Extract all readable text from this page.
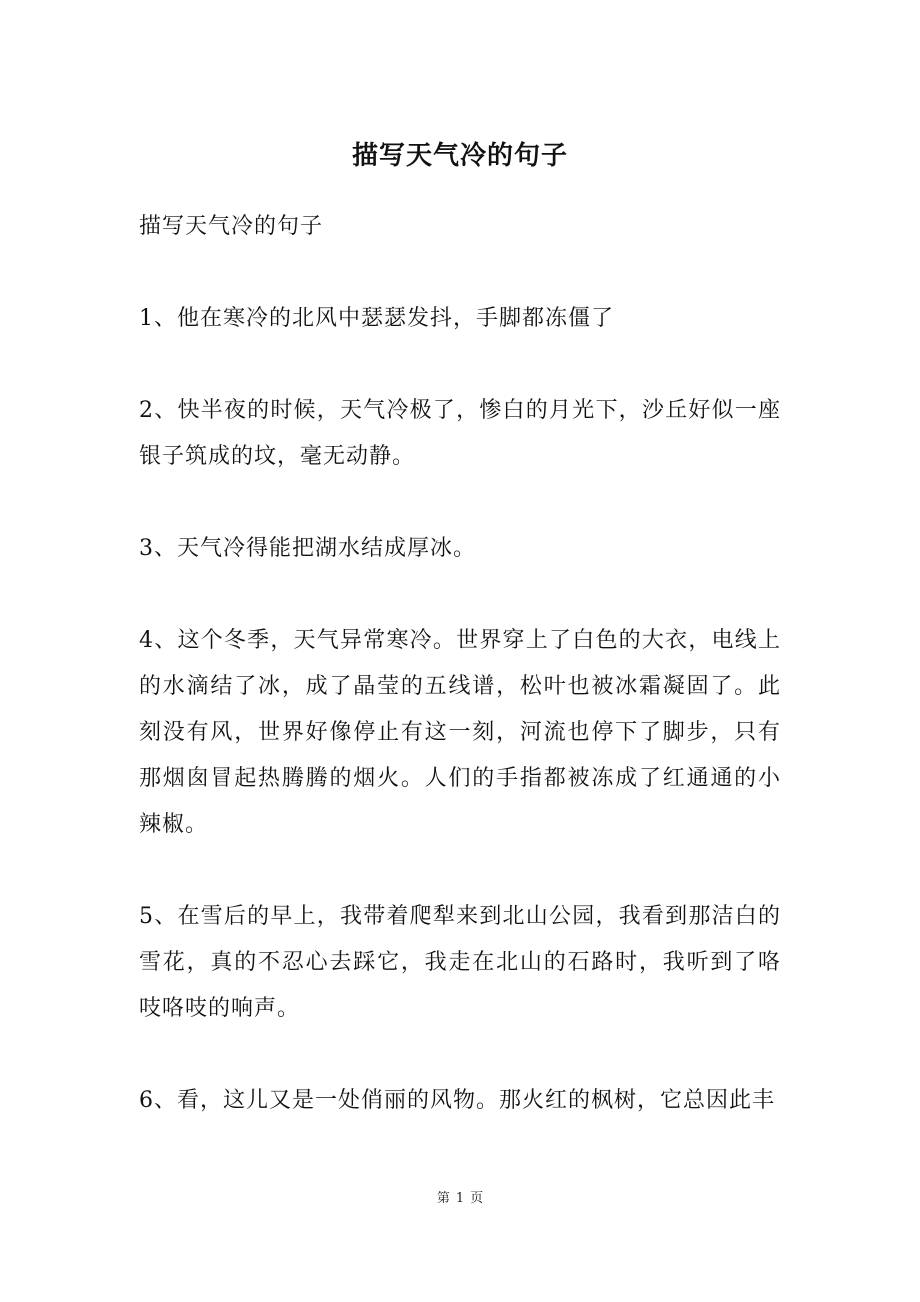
描写天气冷的句子

描写天气冷的句子

1、他在寒冷的北风中瑟瑟发抖，手脚都冻僵了

2、快半夜的时候，天气冷极了，惨白的月光下，沙丘好似一座银子筑成的坟，毫无动静。

3、天气冷得能把湖水结成厚冰。

4、这个冬季，天气异常寒冷。世界穿上了白色的大衣，电线上的水滴结了冰，成了晶莹的五线谱，松叶也被冰霜凝固了。此刻没有风，世界好像停止有这一刻，河流也停下了脚步，只有那烟囱冒起热腾腾的烟火。人们的手指都被冻成了红通通的小辣椒。

5、在雪后的早上，我带着爬犁来到北山公园，我看到那洁白的雪花，真的不忍心去踩它，我走在北山的石路时，我听到了咯吱咯吱的响声。

6、看，这儿又是一处俏丽的风物。那火红的枫树，它总因此丰

第 1 页
